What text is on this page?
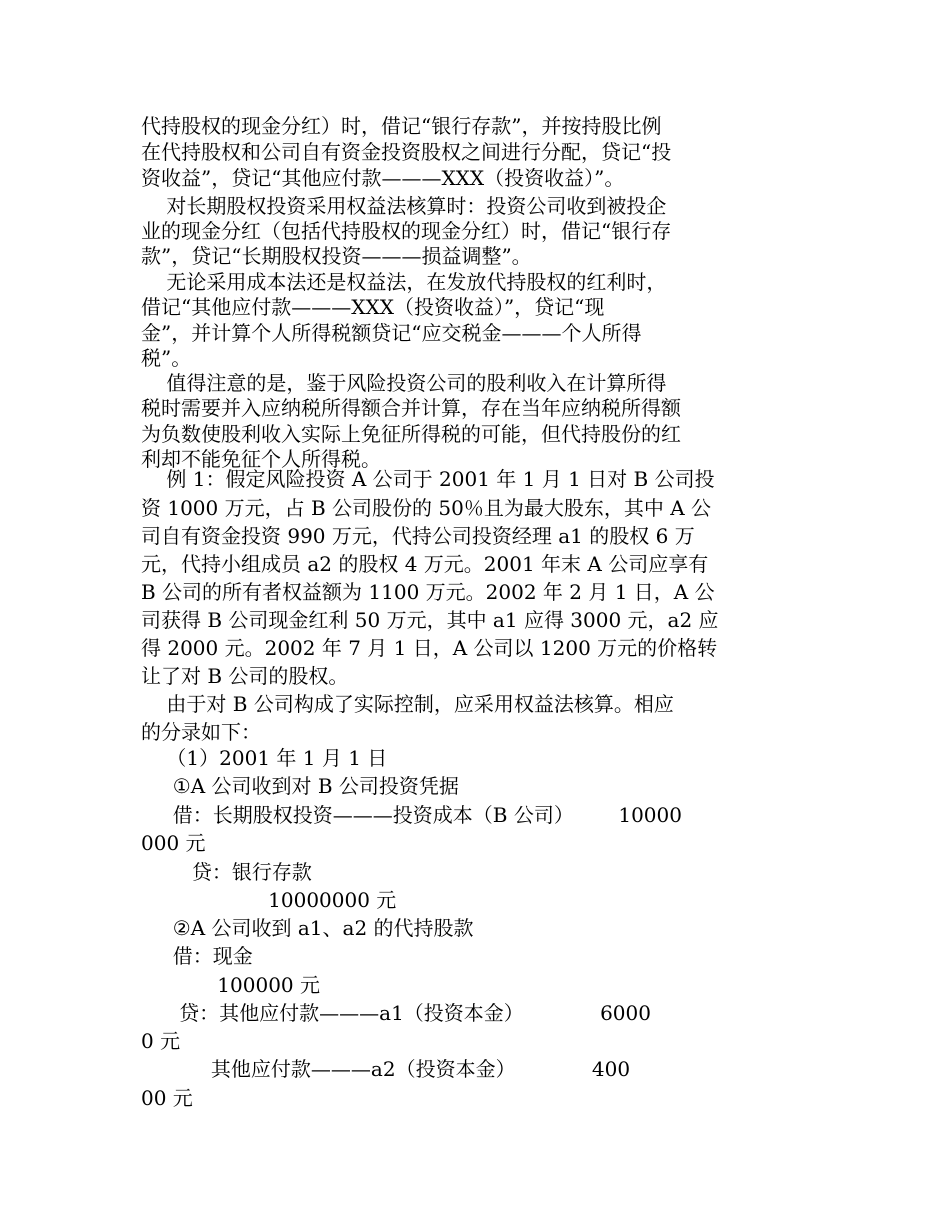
代持股权的现金分红）时，借记“银行存款”，并按持股比例
在代持股权和公司自有资金投资股权之间进行分配，贷记“投
资收益”，贷记“其他应付款———XXX（投资收益）”。
对长期股权投资采用权益法核算时：投资公司收到被投企
业的现金分红（包括代持股权的现金分红）时，借记“银行存
款”，贷记“长期股权投资———损益调整”。
无论采用成本法还是权益法，在发放代持股权的红利时，
借记“其他应付款———XXX（投资收益）”，贷记“现
金”，并计算个人所得税额贷记“应交税金———个人所得
税”。
值得注意的是，鉴于风险投资公司的股利收入在计算所得
税时需要并入应纳税所得额合并计算，存在当年应纳税所得额
为负数使股利收入实际上免征所得税的可能，但代持股份的红
利却不能免征个人所得税。
例 1：假定风险投资 A 公司于 2001 年 1 月 1 日对 B 公司投
资 1000 万元，占 B 公司股份的 50％且为最大股东，其中 A 公
司自有资金投资 990 万元，代持公司投资经理 a1 的股权 6 万
元，代持小组成员 a2 的股权 4 万元。2001 年末 A 公司应享有
B 公司的所有者权益额为 1100 万元。2002 年 2 月 1 日，A 公
司获得 B 公司现金红利 50 万元，其中 a1 应得 3000 元，a2 应
得 2000 元。2002 年 7 月 1 日，A 公司以 1200 万元的价格转
让了对 B 公司的股权。
由于对 B 公司构成了实际控制，应采用权益法核算。相应
的分录如下：
（1）2001 年 1 月 1 日
①A 公司收到对 B 公司投资凭据
借：长期股权投资———投资成本（B 公司）       10000
000 元
贷：银行存款
10000000 元
②A 公司收到 a1、a2 的代持股款
借：现金
100000 元
贷：其他应付款———a1（投资本金）            6000
0 元
其他应付款———a2（投资本金）            400
00 元
